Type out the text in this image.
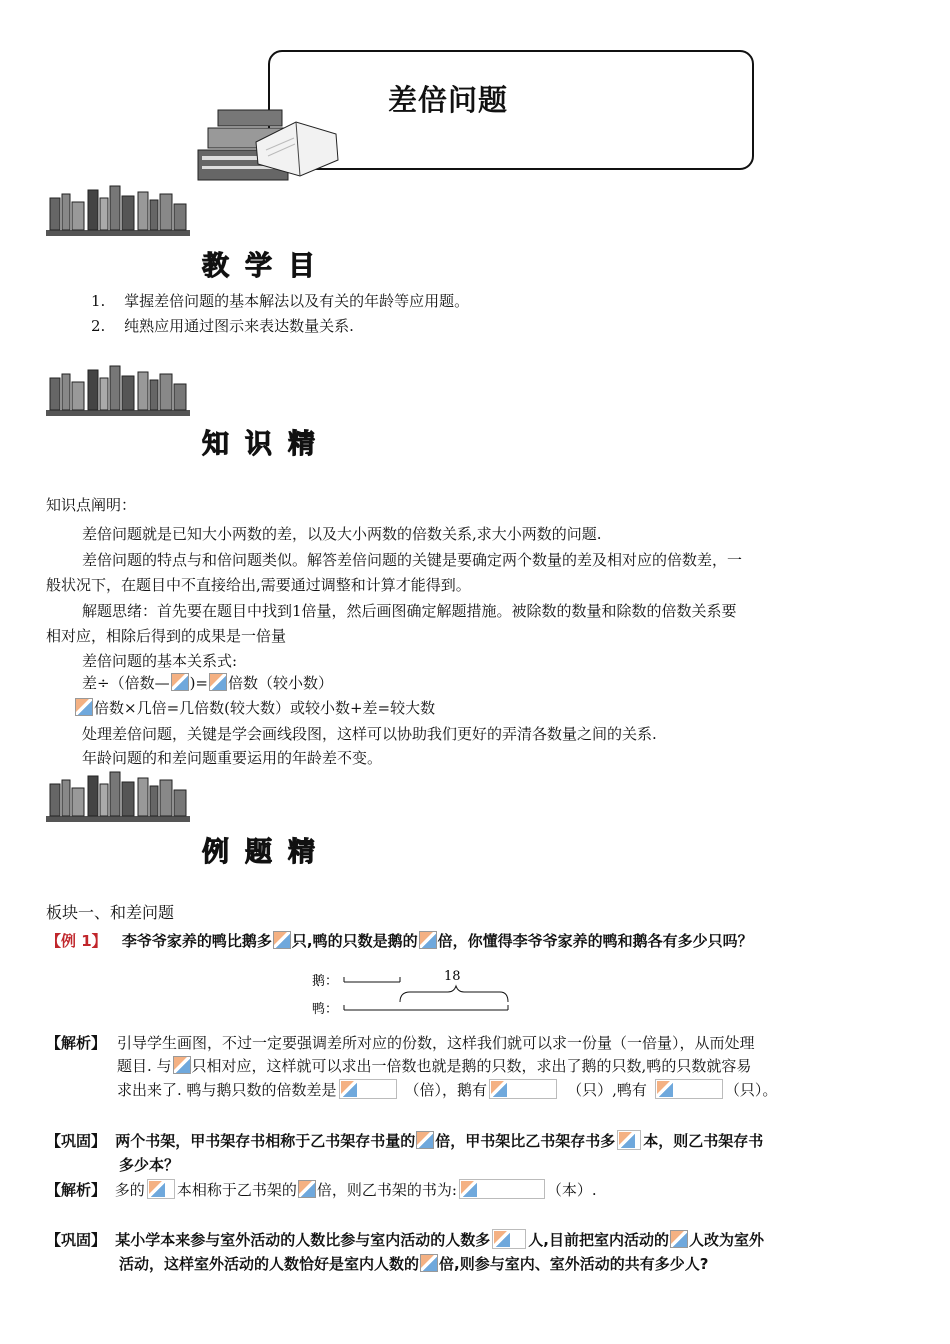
差倍问题
教学目
1. 掌握差倍问题的基本解法以及有关的年龄等应用题。
2. 纯熟应用通过图示来表达数量关系.
知识精
知识点阐明：
差倍问题就是已知大小两数的差，以及大小两数的倍数关系,求大小两数的问题.
差倍问题的特点与和倍问题类似。解答差倍问题的关键是要确定两个数量的差及相对应的倍数差，一
般状况下，在题目中不直接给出,需要通过调整和计算才能得到。
解题思绪：首先要在题目中找到1倍量，然后画图确定解题措施。被除数的数量和除数的倍数关系要
相对应，相除后得到的成果是一倍量
差倍问题的基本关系式:
差÷（倍数— )= 倍数（较小数）
倍数×几倍=几倍数(较大数）或较小数+差=较大数
处理差倍问题，关键是学会画线段图，这样可以协助我们更好的弄清各数量之间的关系.
年龄问题的和差问题重要运用的年龄差不变。
例题精
板块一、和差问题
【例 1】 李爷爷家养的鸭比鹅多 只,鸭的只数是鹅的 倍，你懂得李爷爷家养的鸭和鹅各有多少只吗？
鹅：
鸭：
18
【解析】 引导学生画图，不过一定要强调差所对应的份数，这样我们就可以求一份量（一倍量），从而处理
题目. 与 只相对应，这样就可以求出一倍数也就是鹅的只数，求出了鹅的只数,鸭的只数就容易
求出来了. 鸭与鹅只数的倍数差是	（倍），鹅有	（只）,鸭有	（只）。
【巩固】 两个书架，甲书架存书相称于乙书架存书量的 倍，甲书架比乙书架存书多 本，则乙书架存书
多少本？
【解析】 多的 本相称于乙书架的 倍，则乙书架的书为:	（本）.
【巩固】 某小学本来参与室外活动的人数比参与室内活动的人数多	人,目前把室内活动的 人改为室外
活动，这样室外活动的人数恰好是室内人数的 倍,则参与室内、室外活动的共有多少人?
